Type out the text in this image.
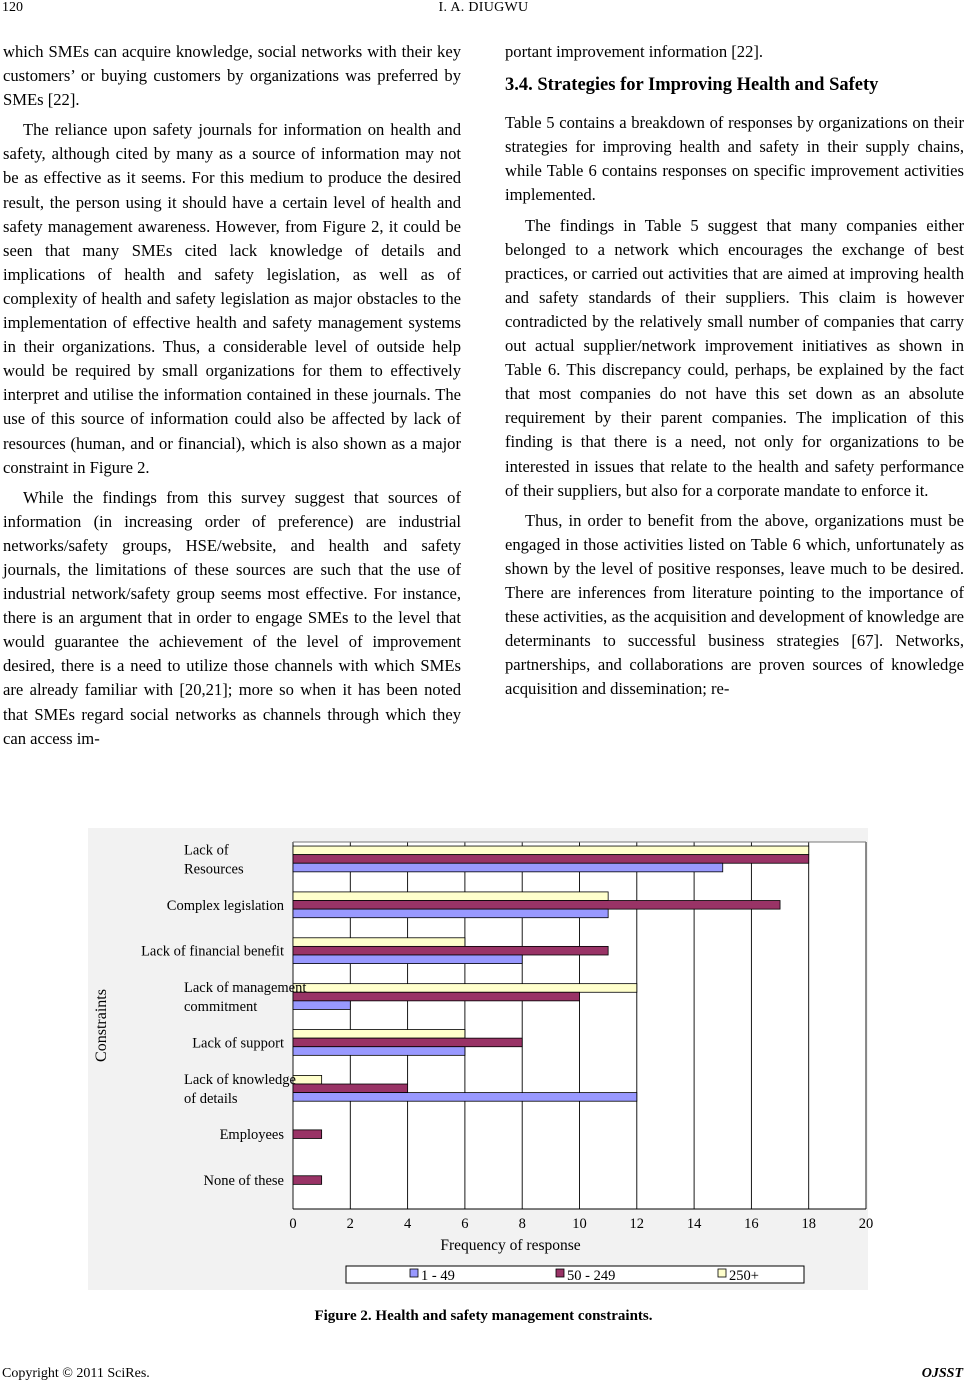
120	I. A. DIUGWU

which SMEs can acquire knowledge, social networks with their key customers’ or buying customers by organizations was preferred by SMEs [22].

The reliance upon safety journals for information on health and safety, although cited by many as a source of information may not be as effective as it seems. For this medium to produce the desired result, the person using it should have a certain level of health and safety management awareness. However, from Figure 2, it could be seen that many SMEs cited lack knowledge of details and implications of health and safety legislation, as well as of complexity of health and safety legislation as major obstacles to the implementation of effective health and safety management systems in their organizations. Thus, a considerable level of outside help would be required by small organizations for them to effectively interpret and utilise the information contained in these journals. The use of this source of information could also be affected by lack of resources (human, and or financial), which is also shown as a major constraint in Figure 2.

While the findings from this survey suggest that sources of information (in increasing order of preference) are industrial networks/safety groups, HSE/website, and health and safety journals, the limitations of these sources are such that the use of industrial network/safety group seems most effective. For instance, there is an argument that in order to engage SMEs to the level that would guarantee the achievement of the level of improvement desired, there is a need to utilize those channels with which SMEs are already familiar with [20,21]; more so when it has been noted that SMEs regard social networks as channels through which they can access im-

portant improvement information [22].

3.4. Strategies for Improving Health and Safety

Table 5 contains a breakdown of responses by organizations on their strategies for improving health and safety in their supply chains, while Table 6 contains responses on specific improvement activities implemented.

The findings in Table 5 suggest that many companies either belonged to a network which encourages the exchange of best practices, or carried out activities that are aimed at improving health and safety standards of their suppliers. This claim is however contradicted by the relatively small number of companies that carry out actual supplier/network improvement initiatives as shown in Table 6. This discrepancy could, perhaps, be explained by the fact that most companies do not have this set down as an absolute requirement by their parent companies. The implication of this finding is that there is a need, not only for organizations to be interested in issues that relate to the health and safety performance of their suppliers, but also for a corporate mandate to enforce it.

Thus, in order to benefit from the above, organizations must be engaged in those activities listed on Table 6 which, unfortunately as shown by the level of positive responses, leave much to be desired. There are inferences from literature pointing to the importance of these activities, as the acquisition and development of knowledge are determinants to successful business strategies [67]. Networks, partnerships, and collaborations are proven sources of knowledge acquisition and dissemination; re-

0	2	4	6	8	10	12	14	16	18	20
Lack of
Resources
Complex legislation
Lack of financial benefit
Lack of management
commitment
Lack of support
Lack of knowledge
of details
Employees
None of these
Constraints
Frequency of response
1 - 49	50 - 249	250+
Figure 2. Health and safety management constraints.
Copyright © 2011 SciRes.	OJSST
